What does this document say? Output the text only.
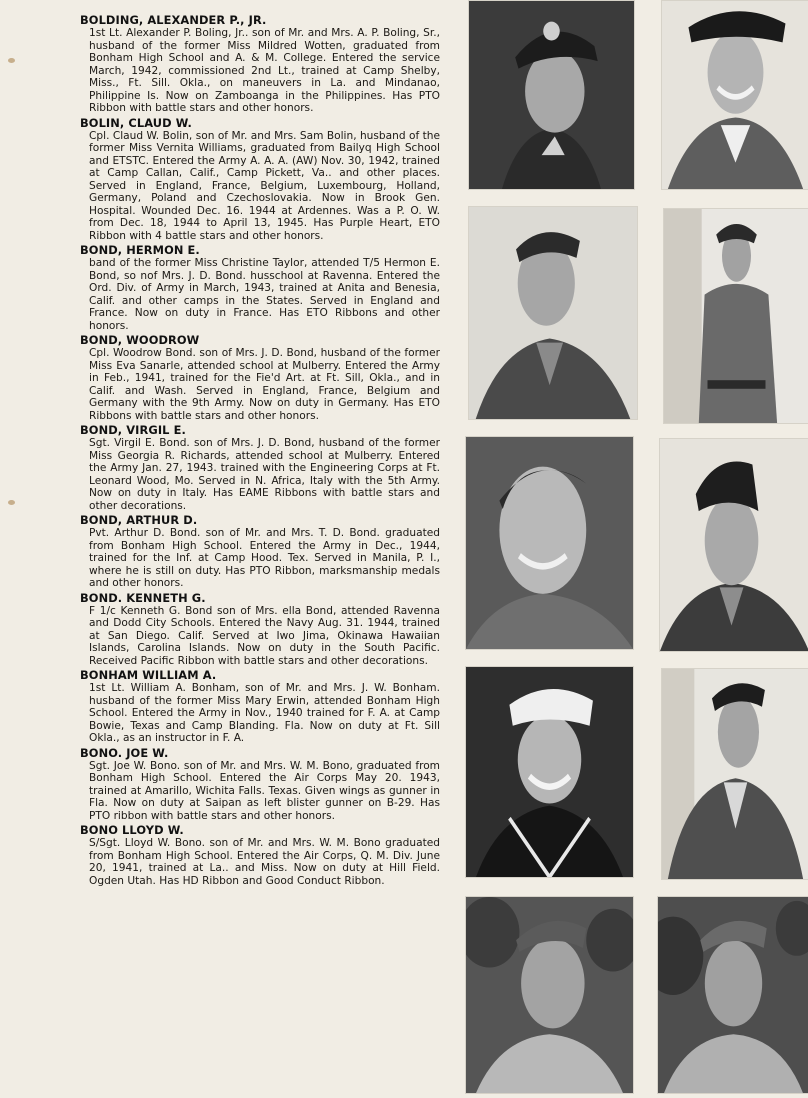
BOLDING, ALEXANDER P., JR.
1st Lt. Alexander P. Boling, Jr.. son of Mr. and Mrs. A. P. Boling, Sr., husband of the former Miss Mildred Wotten, graduated from Bonham High School and A. & M. College. Entered the service March, 1942, commissioned 2nd Lt., trained at Camp Shelby, Miss., Ft. Sill. Okla., on maneuvers in La. and Mindanao, Philippine Is. Now on Zamboanga in the Philippines. Has PTO Ribbon with battle stars and other honors.
BOLIN, CLAUD W.
Cpl. Claud W. Bolin, son of Mr. and Mrs. Sam Bolin, husband of the former Miss Vernita Williams, graduated from Bailyq High School and ETSTC. Entered the Army A. A. A. (AW) Nov. 30, 1942, trained at Camp Callan, Calif., Camp Pickett, Va.. and other places. Served in England, France, Belgium, Luxembourg, Holland, Germany, Poland and Czechoslovakia. Now in Brook Gen. Hospital. Wounded Dec. 16. 1944 at Ardennes. Was a P. O. W. from Dec. 18, 1944 to April 13, 1945. Has Purple Heart, ETO Ribbon with 4 battle stars and other honors.
BOND, HERMON E.
band of the former Miss Christine Taylor, attended T/5 Hermon E. Bond, so nof Mrs. J. D. Bond. husschool at Ravenna. Entered the Ord. Div. of Army in March, 1943, trained at Anita and Benesia, Calif. and other camps in the States. Served in England and France. Now on duty in France. Has ETO Ribbons and other honors.
BOND, WOODROW
Cpl. Woodrow Bond. son of Mrs. J. D. Bond, husband of the former Miss Eva Sanarle, attended school at Mulberry. Entered the Army in Feb., 1941, trained for the Fie'd Art. at Ft. Sill, Okla., and in Calif. and Wash. Served in England, France, Belgium and Germany with the 9th Army. Now on duty in Germany. Has ETO Ribbons with battle stars and other honors.
BOND, VIRGIL E.
Sgt. Virgil E. Bond. son of Mrs. J. D. Bond, husband of the former Miss Georgia R. Richards, attended school at Mulberry. Entered the Army Jan. 27, 1943. trained with the Engineering Corps at Ft. Leonard Wood, Mo. Served in N. Africa, Italy with the 5th Army. Now on duty in Italy. Has EAME Ribbons with battle stars and other decorations.
BOND, ARTHUR D.
Pvt. Arthur D. Bond. son of Mr. and Mrs. T. D. Bond. graduated from Bonham High School. Entered the Army in Dec., 1944, trained for the Inf. at Camp Hood. Tex. Served in Manila, P. I., where he is still on duty. Has PTO Ribbon, marksmanship medals and other honors.
BOND. KENNETH G.
F 1/c Kenneth G. Bond son of Mrs. ella Bond, attended Ravenna and Dodd City Schools. Entered the Navy Aug. 31. 1944, trained at San Diego. Calif. Served at Iwo Jima, Okinawa Hawaiian Islands, Carolina Islands. Now on duty in the South Pacific. Received Pacific Ribbon with battle stars and other decorations.
BONHAM WILLIAM A.
1st Lt. William A. Bonham, son of Mr. and Mrs. J. W. Bonham. husband of the former Miss Mary Erwin, attended Bonham High School. Entered the Army in Nov., 1940 trained for F. A. at Camp Bowie, Texas and Camp Blanding. Fla. Now on duty at Ft. Sill Okla., as an instructor in F. A.
BONO. JOE W.
Sgt. Joe W. Bono. son of Mr. and Mrs. W. M. Bono, graduated from Bonham High School. Entered the Air Corps May 20. 1943, trained at Amarillo, Wichita Falls. Texas. Given wings as gunner in Fla. Now on duty at Saipan as left blister gunner on B-29. Has PTO ribbon with battle stars and other honors.
BONO LLOYD W.
S/Sgt. Lloyd W. Bono. son of Mr. and Mrs. W. M. Bono graduated from Bonham High School. Entered the Air Corps, Q. M. Div. June 20, 1941, trained at La.. and Miss. Now on duty at Hill Field. Ogden Utah. Has HD Ribbon and Good Conduct Ribbon.
